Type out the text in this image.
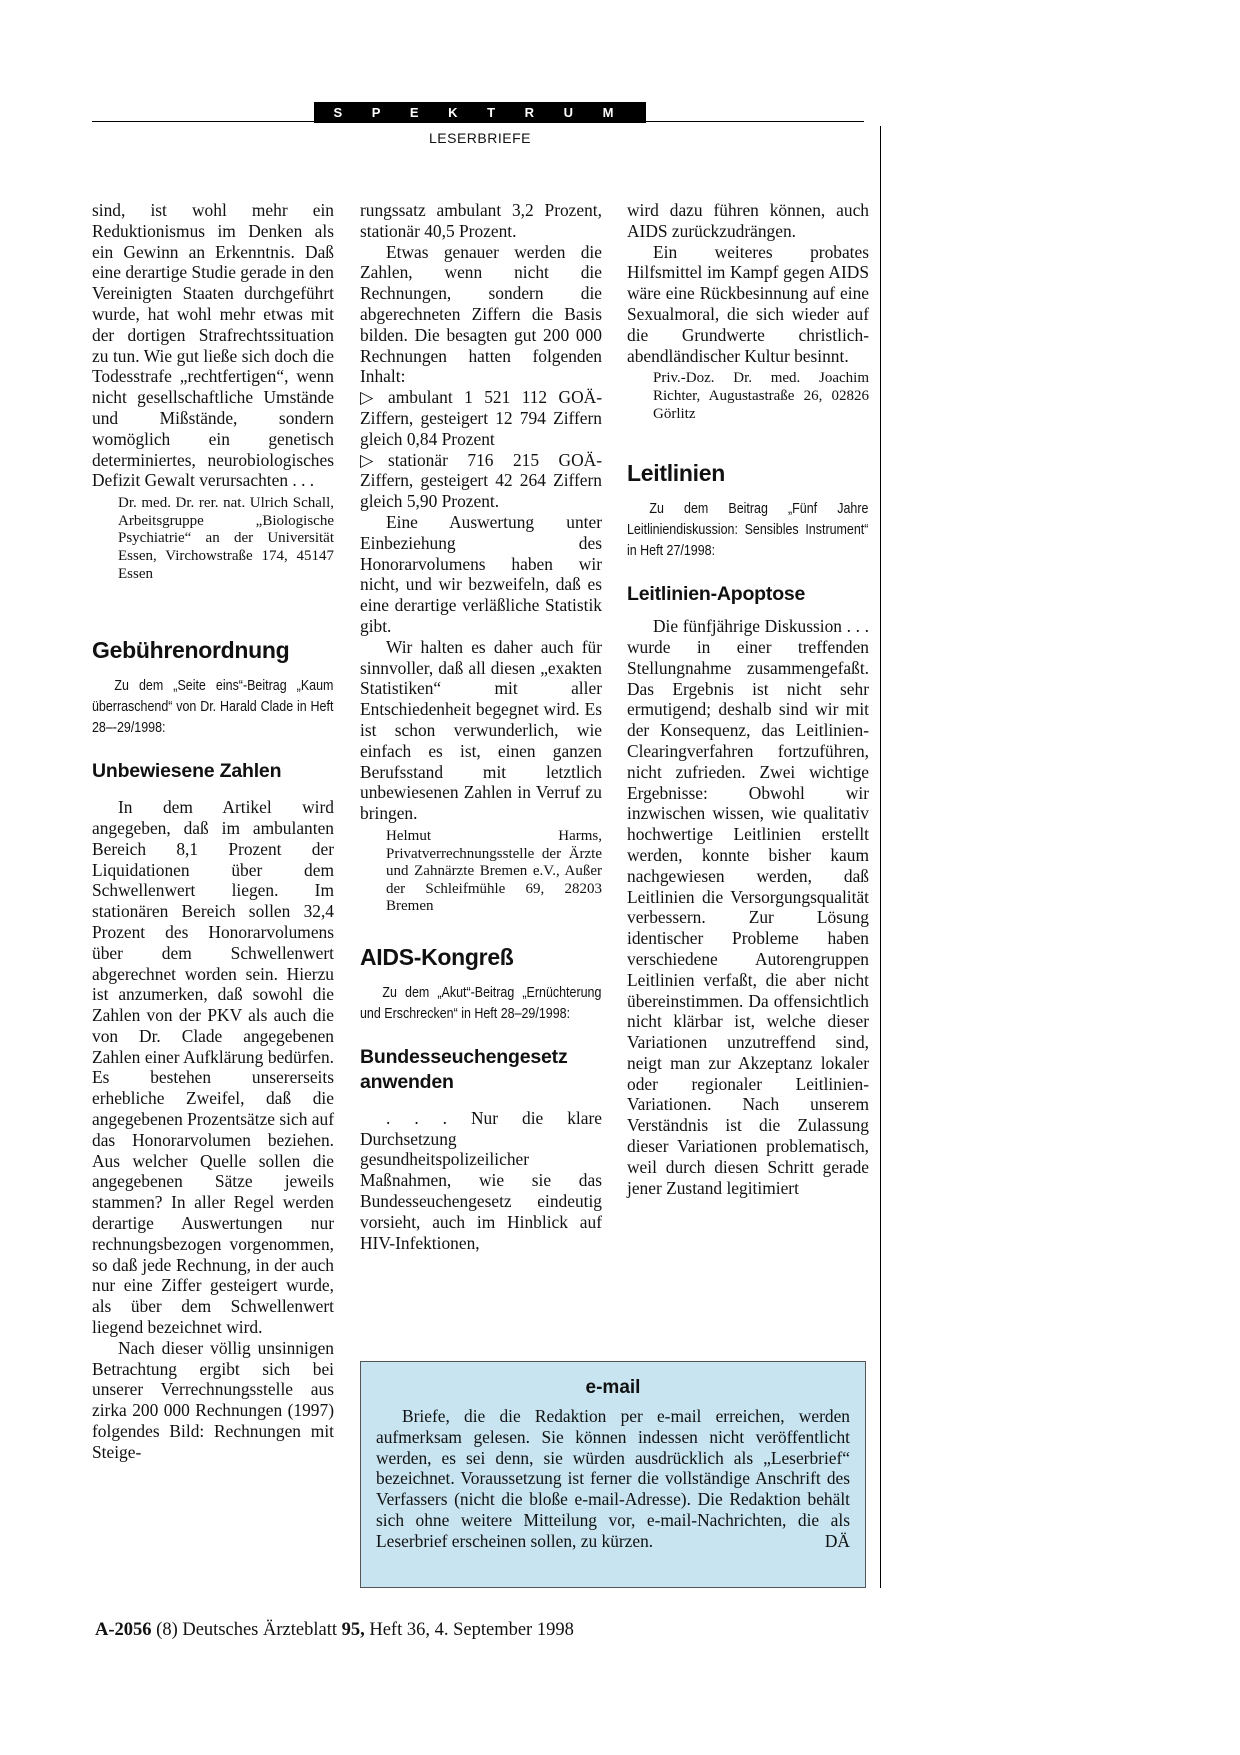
S P E K T R U M
LESERBRIEFE

sind, ist wohl mehr ein Reduktionismus im Denken als ein Gewinn an Erkenntnis. Daß eine derartige Studie gerade in den Vereinigten Staaten durchgeführt wurde, hat wohl mehr etwas mit der dortigen Strafrechtssituation zu tun. Wie gut ließe sich doch die Todesstrafe „rechtfertigen“, wenn nicht gesellschaftliche Umstände und Mißstände, sondern womöglich ein genetisch determiniertes, neurobiologisches Defizit Gewalt verursachten . . .

Dr. med. Dr. rer. nat. Ulrich Schall, Arbeitsgruppe „Biologische Psychiatrie“ an der Universität Essen, Virchowstraße 174, 45147 Essen
Gebührenordnung

Zu dem „Seite eins“-Beitrag „Kaum überraschend“ von Dr. Harald Clade in Heft 28–-29/1998:

Unbewiesene Zahlen

In dem Artikel wird angegeben, daß im ambulanten Bereich 8,1 Prozent der Liquidationen über dem Schwellenwert liegen. Im stationären Bereich sollen 32,4 Prozent des Honorarvolumens über dem Schwellenwert abgerechnet worden sein. Hierzu ist anzumerken, daß sowohl die Zahlen von der PKV als auch die von Dr. Clade angegebenen Zahlen einer Aufklärung bedürfen. Es bestehen unsererseits erhebliche Zweifel, daß die angegebenen Prozentsätze sich auf das Honorarvolumen beziehen. Aus welcher Quelle sollen die angegebenen Sätze jeweils stammen? In aller Regel werden derartige Auswertungen nur rechnungsbezogen vorgenommen, so daß jede Rechnung, in der auch nur eine Ziffer gesteigert wurde, als über dem Schwellenwert liegend bezeichnet wird.

Nach dieser völlig unsinnigen Betrachtung ergibt sich bei unserer Verrechnungsstelle aus zirka 200 000 Rechnungen (1997) folgendes Bild: Rechnungen mit Steige-

rungssatz ambulant 3,2 Prozent, stationär 40,5 Prozent.

Etwas genauer werden die Zahlen, wenn nicht die Rechnungen, sondern die abgerechneten Ziffern die Basis bilden. Die besagten gut 200 000 Rechnungen hatten folgenden Inhalt:

▷ ambulant 1 521 112 GOÄ-Ziffern, gesteigert 12 794 Ziffern gleich 0,84 Prozent

▷ stationär 716 215 GOÄ-Ziffern, gesteigert 42 264 Ziffern gleich 5,90 Prozent.

Eine Auswertung unter Einbeziehung des Honorarvolumens haben wir nicht, und wir bezweifeln, daß es eine derartige verläßliche Statistik gibt.

Wir halten es daher auch für sinnvoller, daß all diesen „exakten Statistiken“ mit aller Entschiedenheit begegnet wird. Es ist schon verwunderlich, wie einfach es ist, einen ganzen Berufsstand mit letztlich unbewiesenen Zahlen in Verruf zu bringen.

Helmut Harms, Privatverrechnungsstelle der Ärzte und Zahnärzte Bremen e.V., Außer der Schleifmühle 69, 28203 Bremen
AIDS-Kongreß

Zu dem „Akut“-Beitrag „Ernüchterung und Erschrecken“ in Heft 28–29/1998:

Bundesseuchengesetz anwenden

. . . Nur die klare Durchsetzung gesundheitspolizeilicher Maßnahmen, wie sie das Bundesseuchengesetz eindeutig vorsieht, auch im Hinblick auf HIV-Infektionen,

wird dazu führen können, auch AIDS zurückzudrängen.

Ein weiteres probates Hilfsmittel im Kampf gegen AIDS wäre eine Rückbesinnung auf eine Sexualmoral, die sich wieder auf die Grundwerte christlich-abendländischer Kultur besinnt.

Priv.-Doz. Dr. med. Joachim Richter, Augustastraße 26, 02826 Görlitz
Leitlinien

Zu dem Beitrag „Fünf Jahre Leitliniendiskussion: Sensibles Instrument“ in Heft 27/1998:

Leitlinien-Apoptose

Die fünfjährige Diskussion . . . wurde in einer treffenden Stellungnahme zusammengefaßt. Das Ergebnis ist nicht sehr ermutigend; deshalb sind wir mit der Konsequenz, das Leitlinien-Clearingverfahren fortzuführen, nicht zufrieden. Zwei wichtige Ergebnisse: Obwohl wir inzwischen wissen, wie qualitativ hochwertige Leitlinien erstellt werden, konnte bisher kaum nachgewiesen werden, daß Leitlinien die Versorgungsqualität verbessern. Zur Lösung identischer Probleme haben verschiedene Autorengruppen Leitlinien verfaßt, die aber nicht übereinstimmen. Da offensichtlich nicht klärbar ist, welche dieser Variationen unzutreffend sind, neigt man zur Akzeptanz lokaler oder regionaler Leitlinien-Variationen. Nach unserem Verständnis ist die Zulassung dieser Variationen problematisch, weil durch diesen Schritt gerade jener Zustand legitimiert

e-mail

Briefe, die die Redaktion per e-mail erreichen, werden aufmerksam gelesen. Sie können indessen nicht veröffentlicht werden, es sei denn, sie würden ausdrücklich als „Leserbrief“ bezeichnet. Voraussetzung ist ferner die vollständige Anschrift des Verfassers (nicht die bloße e-mail-Adresse). Die Redaktion behält sich ohne weitere Mitteilung vor, e-mail-Nachrichten, die als Leserbrief erscheinen sollen, zu kürzen.	DÄ
A-2056 (8) Deutsches Ärzteblatt 95, Heft 36, 4. September 1998
